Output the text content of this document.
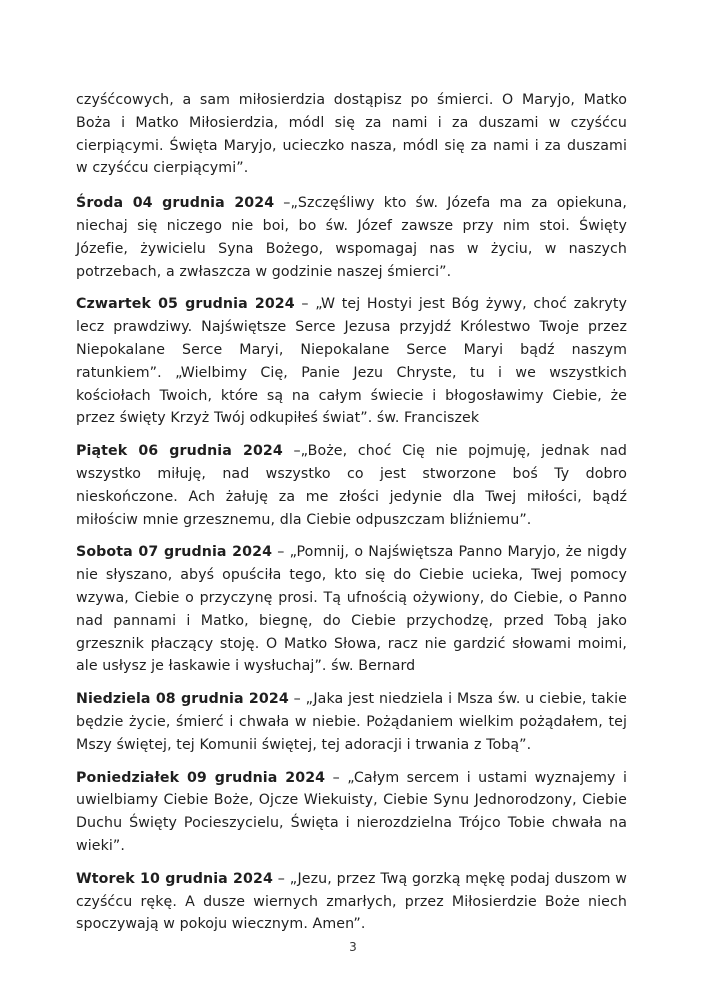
czyśćcowych, a sam miłosierdzia dostąpisz po śmierci. O Maryjo, Matko Boża i Matko Miłosierdzia, módl się za nami i za duszami w czyśćcu cierpiącymi. Święta Maryjo, ucieczko nasza, módl się za nami i za duszami w czyśćcu cierpiącymi”.

Środa 04 grudnia 2024 –„Szczęśliwy kto św. Józefa ma za opiekuna, niechaj się niczego nie boi, bo św. Józef zawsze przy nim stoi. Święty Józefie, żywicielu Syna Bożego, wspomagaj nas w życiu, w naszych potrzebach, a zwłaszcza w godzinie naszej śmierci”.

Czwartek 05 grudnia 2024 – „W tej Hostyi jest Bóg żywy, choć zakryty lecz prawdziwy. Najświętsze Serce Jezusa przyjdź Królestwo Twoje przez Niepokalane Serce Maryi, Niepokalane Serce Maryi bądź naszym ratunkiem”. „Wielbimy Cię, Panie Jezu Chryste, tu i we wszystkich kościołach Twoich, które są na całym świecie i błogosławimy Ciebie, że przez święty Krzyż Twój odkupiłeś świat”. św. Franciszek

Piątek 06 grudnia 2024 –„Boże, choć Cię nie pojmuję, jednak nad wszystko miłuję, nad wszystko co jest stworzone boś Ty dobro nieskończone. Ach żałuję za me złości jedynie dla Twej miłości, bądź miłościw mnie grzesznemu, dla Ciebie odpuszczam bliźniemu”.

Sobota 07 grudnia 2024 – „Pomnij, o Najświętsza Panno Maryjo, że nigdy nie słyszano, abyś opuściła tego, kto się do Ciebie ucieka, Twej pomocy wzywa, Ciebie o przyczynę prosi. Tą ufnością ożywiony, do Ciebie, o Panno nad pannami i Matko, biegnę, do Ciebie przychodzę, przed Tobą jako grzesznik płaczący stoję. O Matko Słowa, racz nie gardzić słowami moimi, ale usłysz je łaskawie i wysłuchaj”. św. Bernard

Niedziela 08 grudnia 2024 – „Jaka jest niedziela i Msza św. u ciebie, takie będzie życie, śmierć i chwała w niebie. Pożądaniem wielkim pożądałem, tej Mszy świętej, tej Komunii świętej, tej adoracji i trwania z Tobą”.

Poniedziałek 09 grudnia 2024 – „Całym sercem i ustami wyznajemy i uwielbiamy Ciebie Boże, Ojcze Wiekuisty, Ciebie Synu Jednorodzony, Ciebie Duchu Święty Pocieszycielu, Święta i nierozdzielna Trójco Tobie chwała na wieki”.

Wtorek 10 grudnia 2024 – „Jezu, przez Twą gorzką mękę podaj duszom w czyśćcu rękę. A dusze wiernych zmarłych, przez Miłosierdzie Boże niech spoczywają w pokoju wiecznym. Amen”.

3
